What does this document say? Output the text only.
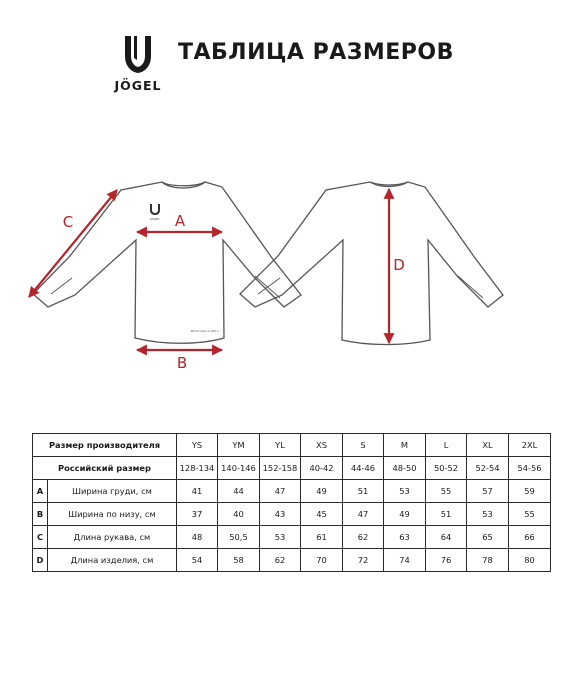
JÖGEL
ТАБЛИЦА РАЗМЕРОВ
JÖGEL
Performance DRY+
A
B
C
D
Размер производителя		YS	YM	YL	XS	S	M	L	XL	2XL
Российский размер		128-134	140-146	152-158	40-42	44-46	48-50	50-52	52-54	54-56
A	Ширина груди, см	41	44	47	49	51	53	55	57	59
B	Ширина по низу, см	37	40	43	45	47	49	51	53	55
C	Длина рукава, см	48	50,5	53	61	62	63	64	65	66
D	Длина изделия, см	54	58	62	70	72	74	76	78	80
